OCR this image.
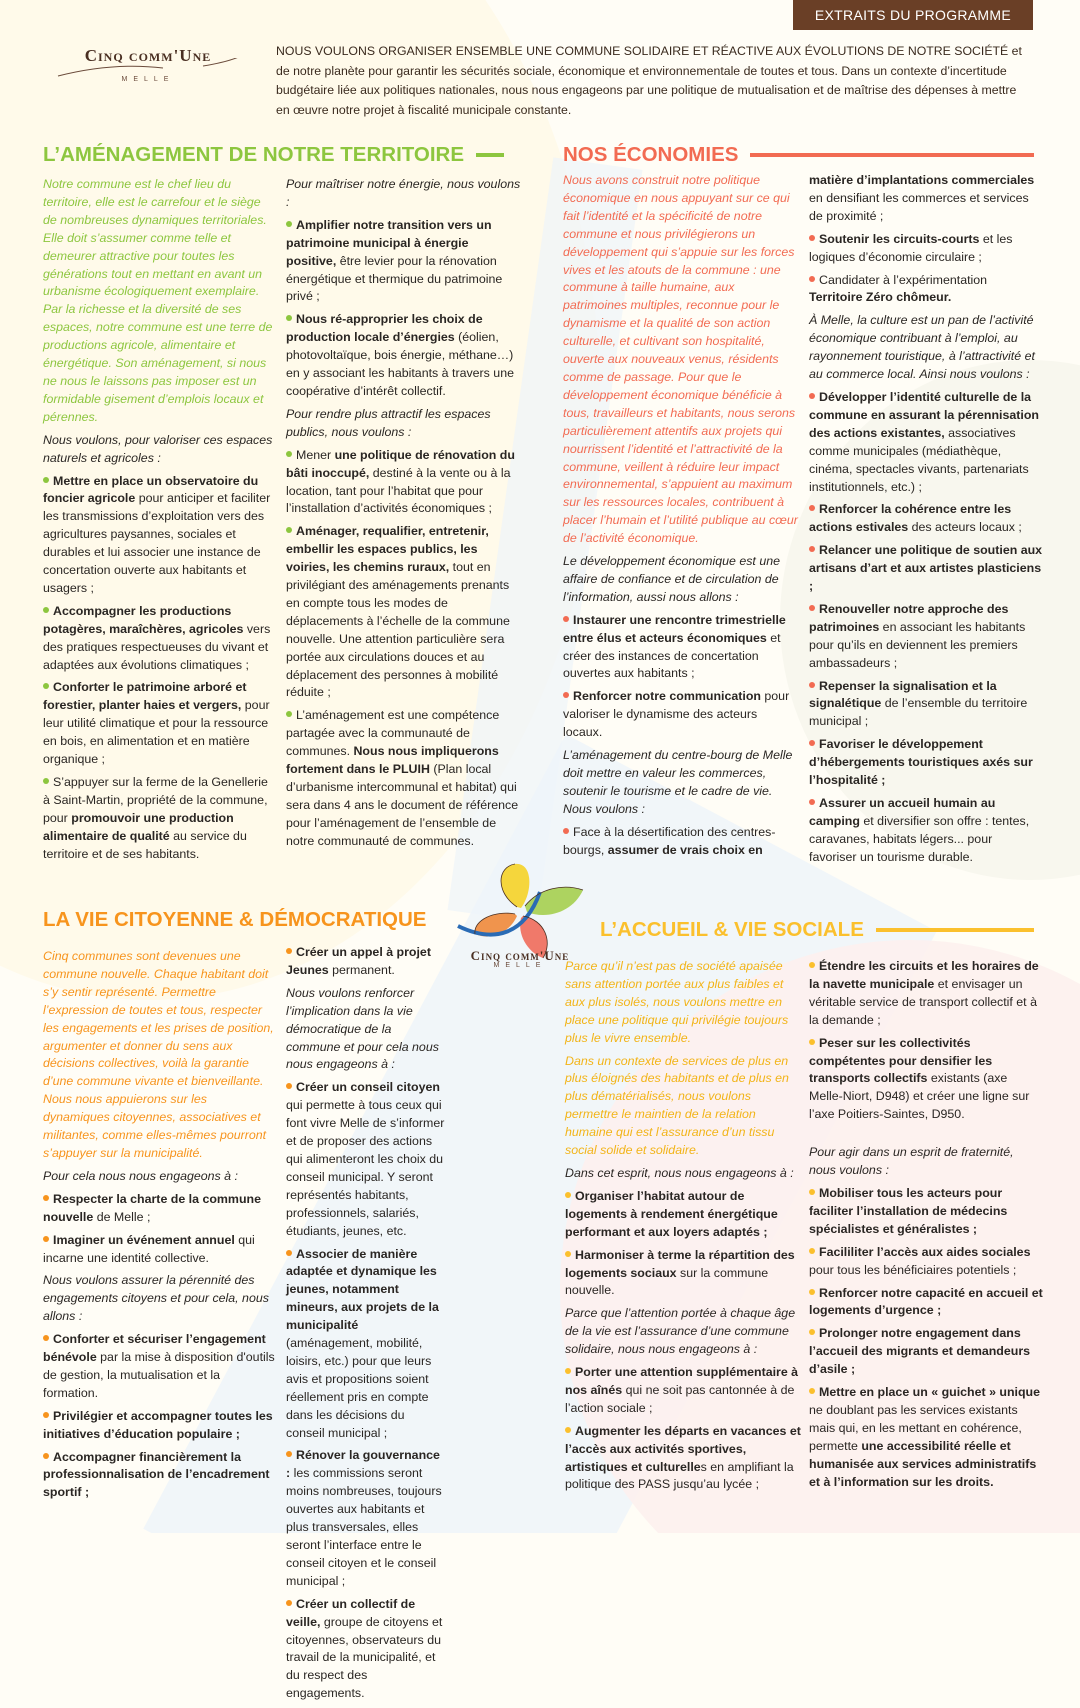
EXTRAITS DU PROGRAMME
Cinq comm'Une
MELLE
NOUS VOULONS ORGANISER ENSEMBLE UNE COMMUNE SOLIDAIRE ET RÉACTIVE AUX ÉVOLUTIONS DE NOTRE SOCIÉTÉ et de notre planète pour garantir les sécurités sociale, économique et environnementale de toutes et tous. Dans un contexte d’incertitude budgétaire liée aux politiques nationales, nous nous engageons par une politique de mutualisation et de maîtrise des dépenses à mettre en œuvre notre projet à fiscalité municipale constante.
L’AMÉNAGEMENT DE NOTRE TERRITOIRE	NOS ÉCONOMIES
LA VIE CITOYENNE & DÉMOCRATIQUE	L’ACCUEIL & VIE SOCIALE

Notre commune est le chef lieu du territoire, elle est le carrefour et le siège de nombreuses dynamiques territoriales. Elle doit s’assumer comme telle et demeurer attractive pour toutes les générations tout en mettant en avant un urbanisme écologiquement exemplaire. Par la richesse et la diversité de ses espaces, notre commune est une terre de productions agricole, alimentaire et énergétique. Son aménagement, si nous ne nous le laissons pas imposer est un formidable gisement d’emplois locaux et pérennes.

Nous voulons, pour valoriser ces espaces naturels et agricoles :

Mettre en place un observatoire du foncier agricole pour anticiper et faciliter les transmissions d’exploitation vers des agricultures paysannes, sociales et durables et lui associer une instance de concertation ouverte aux habitants et usagers ;

Accompagner les productions potagères, maraîchères, agricoles vers des pratiques respectueuses du vivant et adaptées aux évolutions climatiques ;

Conforter le patrimoine arboré et forestier, planter haies et vergers, pour leur utilité climatique et pour la ressource en bois, en alimentation et en matière organique ;

S’appuyer sur la ferme de la Genellerie à Saint-Martin, propriété de la commune, pour promouvoir une production alimentaire de qualité au service du territoire et de ses habitants.

Pour maîtriser notre énergie, nous voulons :

Amplifier notre transition vers un patrimoine municipal à énergie positive, être levier pour la rénovation énergétique et thermique du patrimoine privé ;

Nous ré-approprier les choix de production locale d’énergies (éolien, photovoltaïque, bois énergie, méthane…) en y associant les habitants à travers une coopérative d’intérêt collectif.

Pour rendre plus attractif les espaces publics, nous voulons :

Mener une politique de rénovation du bâti inoccupé, destiné à la vente ou à la location, tant pour l’habitat que pour l’installation d’activités économiques ;

Aménager, requalifier, entretenir, embellir les espaces publics, les voiries, les chemins ruraux, tout en privilégiant des aménagements prenants en compte tous les modes de déplacements à l’échelle de la commune nouvelle. Une attention particulière sera portée aux circulations douces et au déplacement des personnes à mobilité réduite ;

L’aménagement est une compétence partagée avec la communauté de communes. Nous nous impliquerons fortement dans le PLUIH (Plan local d’urbanisme intercommunal et habitat) qui sera dans 4 ans le document de référence pour l’aménagement de l’ensemble de notre communauté de communes.

Nous avons construit notre politique économique en nous appuyant sur ce qui fait l’identité et la spécificité de notre commune et nous privilégierons un développement qui s’appuie sur les forces vives et les atouts de la commune : une commune à taille humaine, aux patrimoines multiples, reconnue pour le dynamisme et la qualité de son action culturelle, et cultivant son hospitalité, ouverte aux nouveaux venus, résidents comme de passage. Pour que le développement économique bénéficie à tous, travailleurs et habitants, nous serons particulièrement attentifs aux projets qui nourrissent l’identité et l’attractivité de la commune, veillent à réduire leur impact environnemental, s’appuient au maximum sur les ressources locales, contribuent à placer l’humain et l’utilité publique au cœur de l’activité économique.

Le développement économique est une affaire de confiance et de circulation de l’information, aussi nous allons :

Instaurer une rencontre trimestrielle entre élus et acteurs économiques et créer des instances de concertation ouvertes aux habitants ;

Renforcer notre communication pour valoriser le dynamisme des acteurs locaux.

L’aménagement du centre-bourg de Melle doit mettre en valeur les commerces, soutenir le tourisme et le cadre de vie. Nous voulons :

Face à la désertification des centres-bourgs, assumer de vrais choix en

matière d’implantations commerciales en densifiant les commerces et services de proximité ;

Soutenir les circuits-courts et les logiques d’économie circulaire ;

Candidater à l’expérimentation Territoire Zéro chômeur.

À Melle, la culture est un pan de l’activité économique contribuant à l’emploi, au rayonnement touristique, à l’attractivité et au commerce local. Ainsi nous voulons :

Développer l’identité culturelle de la commune en assurant la pérennisation des actions existantes, associatives comme municipales (médiathèque, cinéma, spectacles vivants, partenariats institutionnels, etc.) ;

Renforcer la cohérence entre les actions estivales des acteurs locaux ;

Relancer une politique de soutien aux artisans d’art et aux artistes plasticiens ;

Renouveller notre approche des patrimoines en associant les habitants pour qu’ils en deviennent les premiers ambassadeurs ;

Repenser la signalisation et la signalétique de l’ensemble du territoire municipal ;

Favoriser le développement d’hébergements touristiques axés sur l’hospitalité ;

Assurer un accueil humain au camping et diversifier son offre : tentes, caravanes, habitats légers... pour favoriser un tourisme durable.

Cinq communes sont devenues une commune nouvelle. Chaque habitant doit s’y sentir représenté. Permettre l’expression de toutes et tous, respecter les engagements et les prises de position, argumenter et donner du sens aux décisions collectives, voilà la garantie d’une commune vivante et bienveillante. Nous nous appuierons sur les dynamiques citoyennes, associatives et militantes, comme elles-mêmes pourront s’appuyer sur la municipalité.

Pour cela nous nous engageons à :

Respecter la charte de la commune nouvelle de Melle ;

Imaginer un événement annuel qui incarne une identité collective.

Nous voulons assurer la pérennité des engagements citoyens et pour cela, nous allons :

Conforter et sécuriser l’engagement bénévole par la mise à disposition d'outils de gestion, la mutualisation et la formation.

Privilégier et accompagner toutes les initiatives d’éducation populaire ;

Accompagner financièrement la professionnalisation de l’encadrement sportif ;

Créer un appel à projet Jeunes permanent.

Nous voulons renforcer l’implication dans la vie démocratique de la commune et pour cela nous nous engageons à :

Créer un conseil citoyen qui permette à tous ceux qui font vivre Melle de s’informer et de proposer des actions qui alimenteront les choix du conseil municipal. Y seront représentés habitants, professionnels, salariés, étudiants, jeunes, etc.

Associer de manière adaptée et dynamique les jeunes, notamment mineurs, aux projets de la municipalité (aménagement, mobilité, loisirs, etc.) pour que leurs avis et propositions soient réellement pris en compte dans les décisions du conseil municipal ;

Rénover la gouvernance : les commissions seront moins nombreuses, toujours ouvertes aux habitants et plus transversales, elles seront l’interface entre le conseil citoyen et le conseil municipal ;

Créer un collectif de veille, groupe de citoyens et citoyennes, observateurs du travail de la municipalité, et du respect des engagements.

Parce qu’il n’est pas de société apaisée sans attention portée aux plus faibles et aux plus isolés, nous voulons mettre en place une politique qui privilégie toujours plus le vivre ensemble.

Dans un contexte de services de plus en plus éloignés des habitants et de plus en plus dématérialisés, nous voulons permettre le maintien de la relation humaine qui est l’assurance d’un tissu social solide et solidaire.

Dans cet esprit, nous nous engageons à :

Organiser l’habitat autour de logements à rendement énergétique performant et aux loyers adaptés ;

Harmoniser à terme la répartition des logements sociaux sur la commune nouvelle.

Parce que l’attention portée à chaque âge de la vie est l’assurance d’une commune solidaire, nous nous engageons à :

Porter une attention supplémentaire à nos aînés qui ne soit pas cantonnée à de l’action sociale ;

Augmenter les départs en vacances et l’accès aux activités sportives, artistiques et culturelles en amplifiant la politique des PASS jusqu’au lycée ;

Étendre les circuits et les horaires de la navette municipale et envisager un véritable service de transport collectif et à la demande ;

Peser sur les collectivités compétentes pour densifier les transports collectifs existants (axe Melle-Niort, D948) et créer une ligne sur l’axe Poitiers-Saintes, D950.

Pour agir dans un esprit de fraternité, nous voulons :

Mobiliser tous les acteurs pour faciliter l’installation de médecins spécialistes et généralistes ;

Facililiter l’accès aux aides sociales pour tous les bénéficiaires potentiels ;

Renforcer notre capacité en accueil et logements d’urgence ;

Prolonger notre engagement dans l’accueil des migrants et demandeurs d’asile ;

Mettre en place un « guichet » unique ne doublant pas les services existants mais qui, en les mettant en cohérence, permette une accessibilité réelle et humanisée aux services administratifs et à l’information sur les droits.

Cinq comm'Une
MELLE
